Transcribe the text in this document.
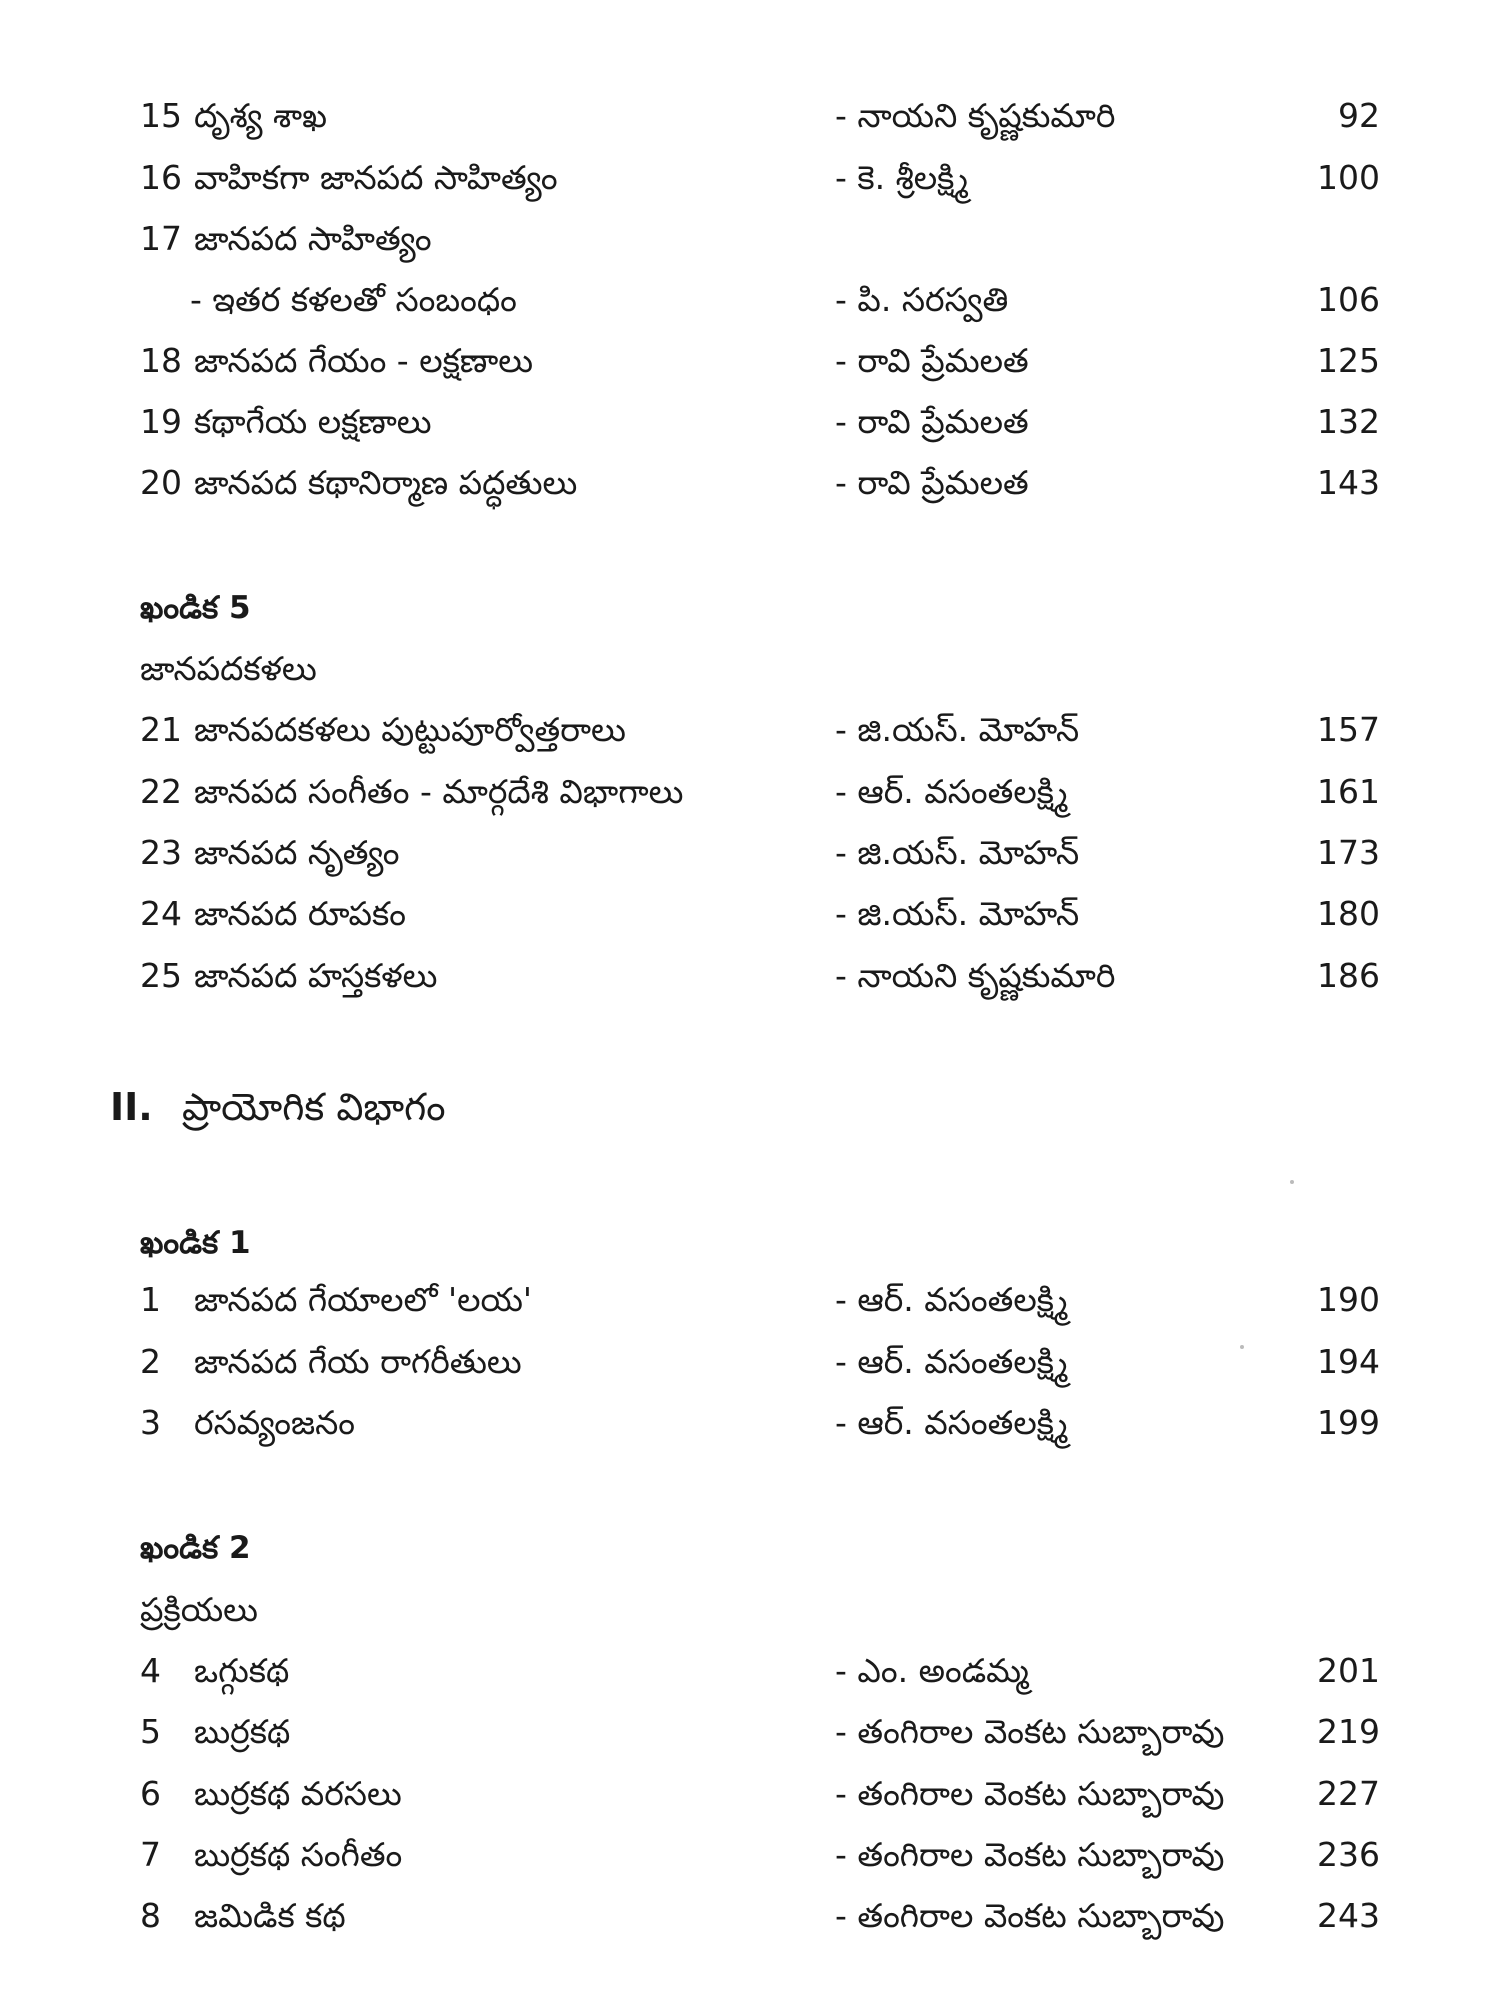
15 దృశ్య శాఖ	- నాయని కృష్ణకుమారి	92
16 వాహికగా జానపద సాహిత్యం	- కె. శ్రీలక్ష్మి	100
17 జానపద సాహిత్యం
- ఇతర కళలతో సంబంధం	- పి. సరస్వతి	106
18 జానపద గేయం - లక్షణాలు	- రావి ప్రేమలత	125
19 కథాగేయ లక్షణాలు	- రావి ప్రేమలత	132
20 జానపద కథానిర్మాణ పద్ధతులు	- రావి ప్రేమలత	143
ఖండిక 5
జానపదకళలు
21 జానపదకళలు పుట్టుపూర్వోత్తరాలు	- జి.యస్. మోహన్	157
22 జానపద సంగీతం - మార్గదేశి విభాగాలు	- ఆర్. వసంతలక్ష్మి	161
23 జానపద నృత్యం	- జి.యస్. మోహన్	173
24 జానపద రూపకం	- జి.యస్. మోహన్	180
25 జానపద హస్తకళలు	- నాయని కృష్ణకుమారి	186
II. ప్రాయోగిక విభాగం
ఖండిక 1
1 జానపద గేయాలలో 'లయ'	- ఆర్. వసంతలక్ష్మి	190
2 జానపద గేయ రాగరీతులు	- ఆర్. వసంతలక్ష్మి	194
3 రసవ్యంజనం	- ఆర్. వసంతలక్ష్మి	199
ఖండిక 2
ప్రక్రియలు
4 ఒగ్గుకథ	- ఎం. అండమ్మ	201
5 బుర్రకథ	- తంగిరాల వెంకట సుబ్బారావు	219
6 బుర్రకథ వరసలు	- తంగిరాల వెంకట సుబ్బారావు	227
7 బుర్రకథ సంగీతం	- తంగిరాల వెంకట సుబ్బారావు	236
8 జమిడిక కథ	- తంగిరాల వెంకట సుబ్బారావు	243
